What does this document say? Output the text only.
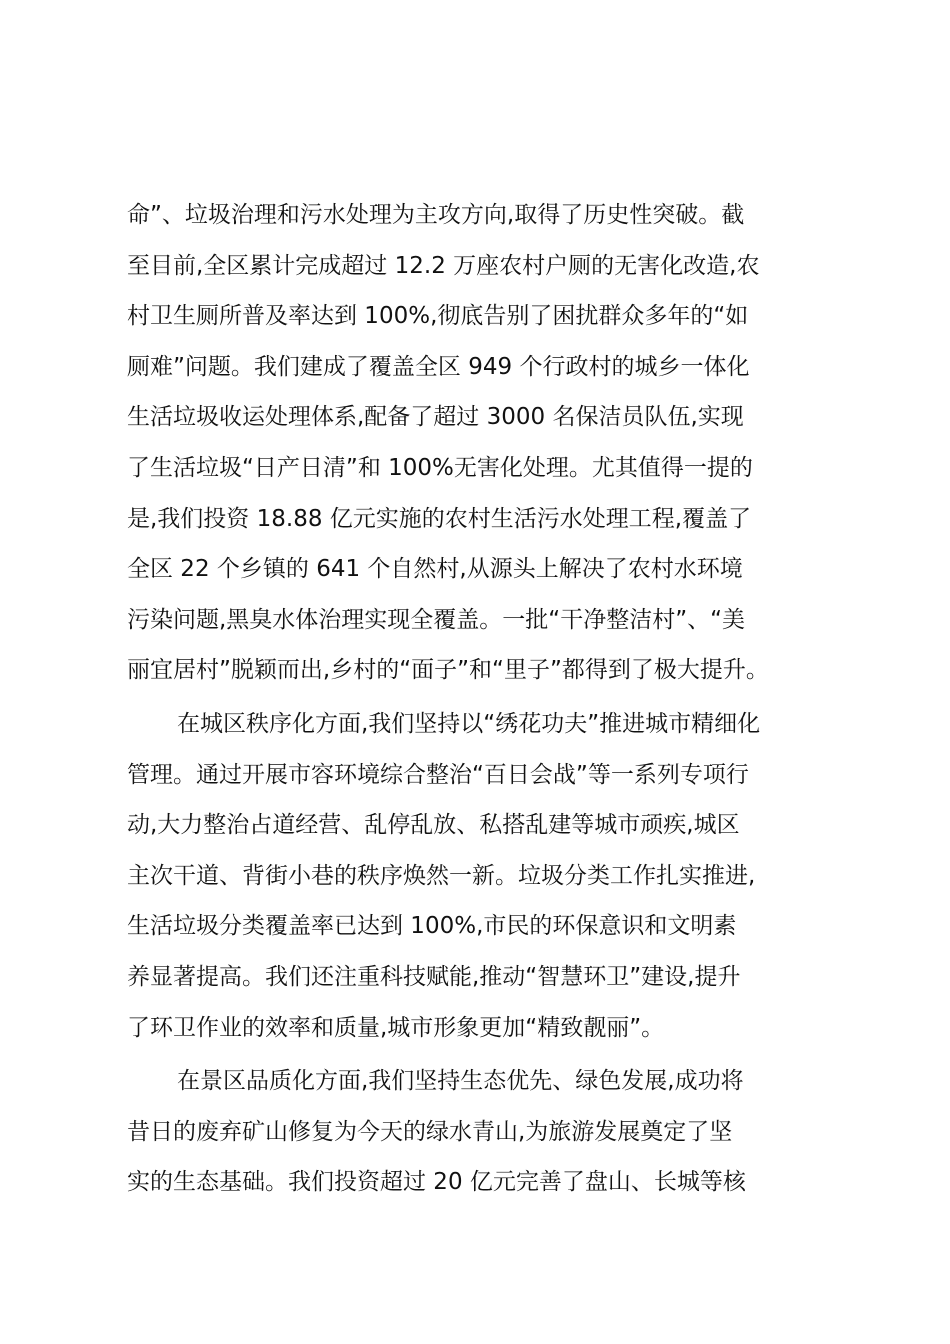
命”、垃圾治理和污水处理为主攻方向,取得了历史性突破。截
至目前,全区累计完成超过 12.2 万座农村户厕的无害化改造,农
村卫生厕所普及率达到 100%,彻底告别了困扰群众多年的“如
厕难”问题。我们建成了覆盖全区 949 个行政村的城乡一体化
生活垃圾收运处理体系,配备了超过 3000 名保洁员队伍,实现
了生活垃圾“日产日清”和 100%无害化处理。尤其值得一提的
是,我们投资 18.88 亿元实施的农村生活污水处理工程,覆盖了
全区 22 个乡镇的 641 个自然村,从源头上解决了农村水环境
污染问题,黑臭水体治理实现全覆盖。一批“干净整洁村”、“美
丽宜居村”脱颖而出,乡村的“面子”和“里子”都得到了极大提升。
在城区秩序化方面,我们坚持以“绣花功夫”推进城市精细化
管理。通过开展市容环境综合整治“百日会战”等一系列专项行
动,大力整治占道经营、乱停乱放、私搭乱建等城市顽疾,城区
主次干道、背街小巷的秩序焕然一新。垃圾分类工作扎实推进,
生活垃圾分类覆盖率已达到 100%,市民的环保意识和文明素
养显著提高。我们还注重科技赋能,推动“智慧环卫”建设,提升
了环卫作业的效率和质量,城市形象更加“精致靓丽”。
在景区品质化方面,我们坚持生态优先、绿色发展,成功将
昔日的废弃矿山修复为今天的绿水青山,为旅游发展奠定了坚
实的生态基础。我们投资超过 20 亿元完善了盘山、长城等核
